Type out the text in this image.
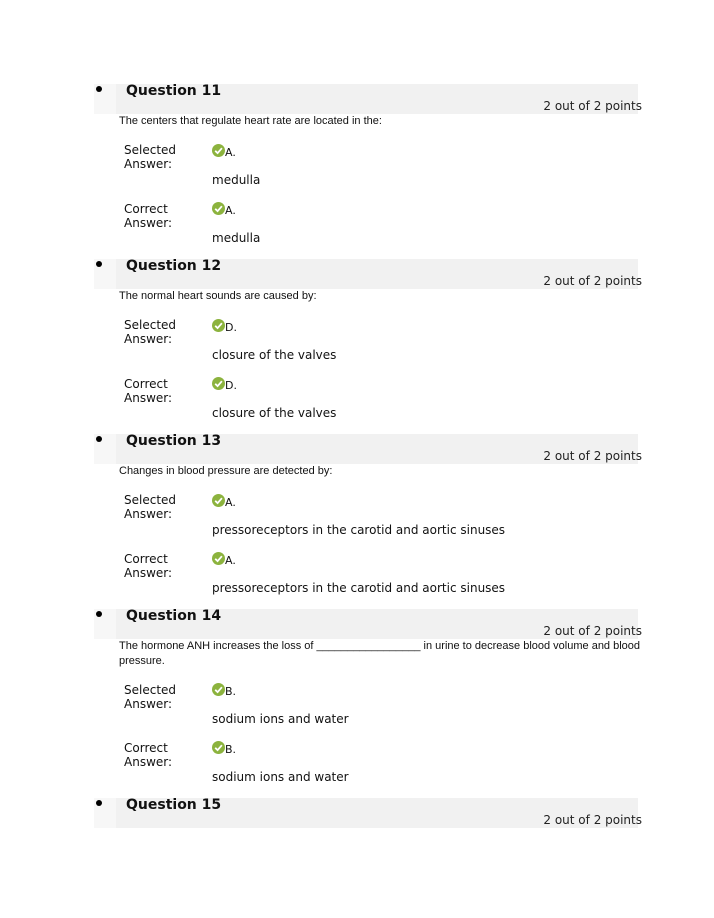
Question 11
2 out of 2 points
The centers that regulate heart rate are located in the:
Selected Answer:
A.
medulla
Correct Answer:
A.
medulla
Question 12
2 out of 2 points
The normal heart sounds are caused by:
Selected Answer:
D.
closure of the valves
Correct Answer:
D.
closure of the valves
Question 13
2 out of 2 points
Changes in blood pressure are detected by:
Selected Answer:
A.
pressoreceptors in the carotid and aortic sinuses
Correct Answer:
A.
pressoreceptors in the carotid and aortic sinuses
Question 14
2 out of 2 points
The hormone ANH increases the loss of _________________ in urine to decrease blood volume and blood pressure.
Selected Answer:
B.
sodium ions and water
Correct Answer:
B.
sodium ions and water
Question 15
2 out of 2 points
